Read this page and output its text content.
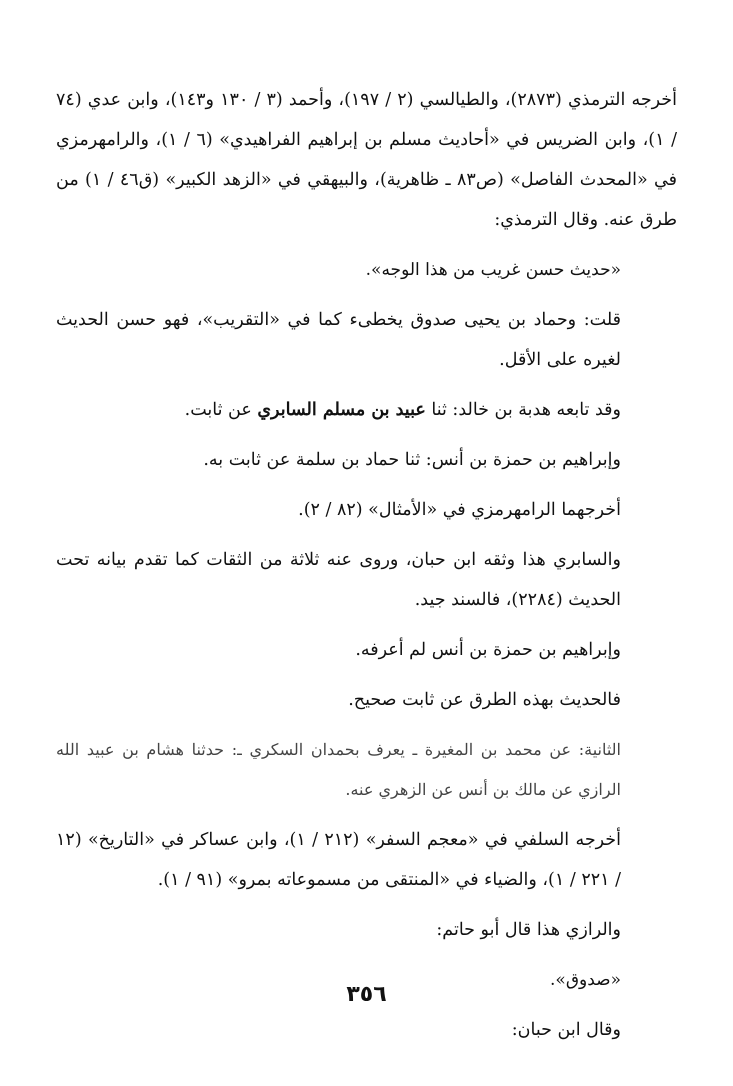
أخرجه الترمذي (٢٨٧٣)، والطيالسي (٢ / ١٩٧)، وأحمد (٣ / ١٣٠ و١٤٣)، وابن عدي (٧٤ / ١)، وابن الضريس في «أحاديث مسلم بن إبراهيم الفراهيدي» (٦ / ١)، والرامهرمزي في «المحدث الفاصل» (ص٨٣ ـ ظاهرية)، والبيهقي في «الزهد الكبير» (ق٤٦ / ١) من طرق عنه. وقال الترمذي:

«حديث حسن غريب من هذا الوجه».

قلت: وحماد بن يحيى صدوق يخطىء كما في «التقريب»، فهو حسن الحديث لغيره على الأقل.

وقد تابعه هدبة بن خالد: ثنا عبيد بن مسلم السابري عن ثابت.

وإبراهيم بن حمزة بن أنس: ثنا حماد بن سلمة عن ثابت به.

أخرجهما الرامهرمزي في «الأمثال» (٨٢ / ٢).

والسابري هذا وثقه ابن حبان، وروى عنه ثلاثة من الثقات كما تقدم بيانه تحت الحديث (٢٢٨٤)، فالسند جيد.

وإبراهيم بن حمزة بن أنس لم أعرفه.

فالحديث بهذه الطرق عن ثابت صحيح.

الثانية: عن محمد بن المغيرة ـ يعرف بحمدان السكري ـ: حدثنا هشام بن عبيد الله الرازي عن مالك بن أنس عن الزهري عنه.

أخرجه السلفي في «معجم السفر» (٢١٢ / ١)، وابن عساكر في «التاريخ» (١٢ / ٢٢١ / ١)، والضياء في «المنتقى من مسموعاته بمرو» (٩١ / ١).

والرازي هذا قال أبو حاتم:

«صدوق».

وقال ابن حبان:

٣٥٦
